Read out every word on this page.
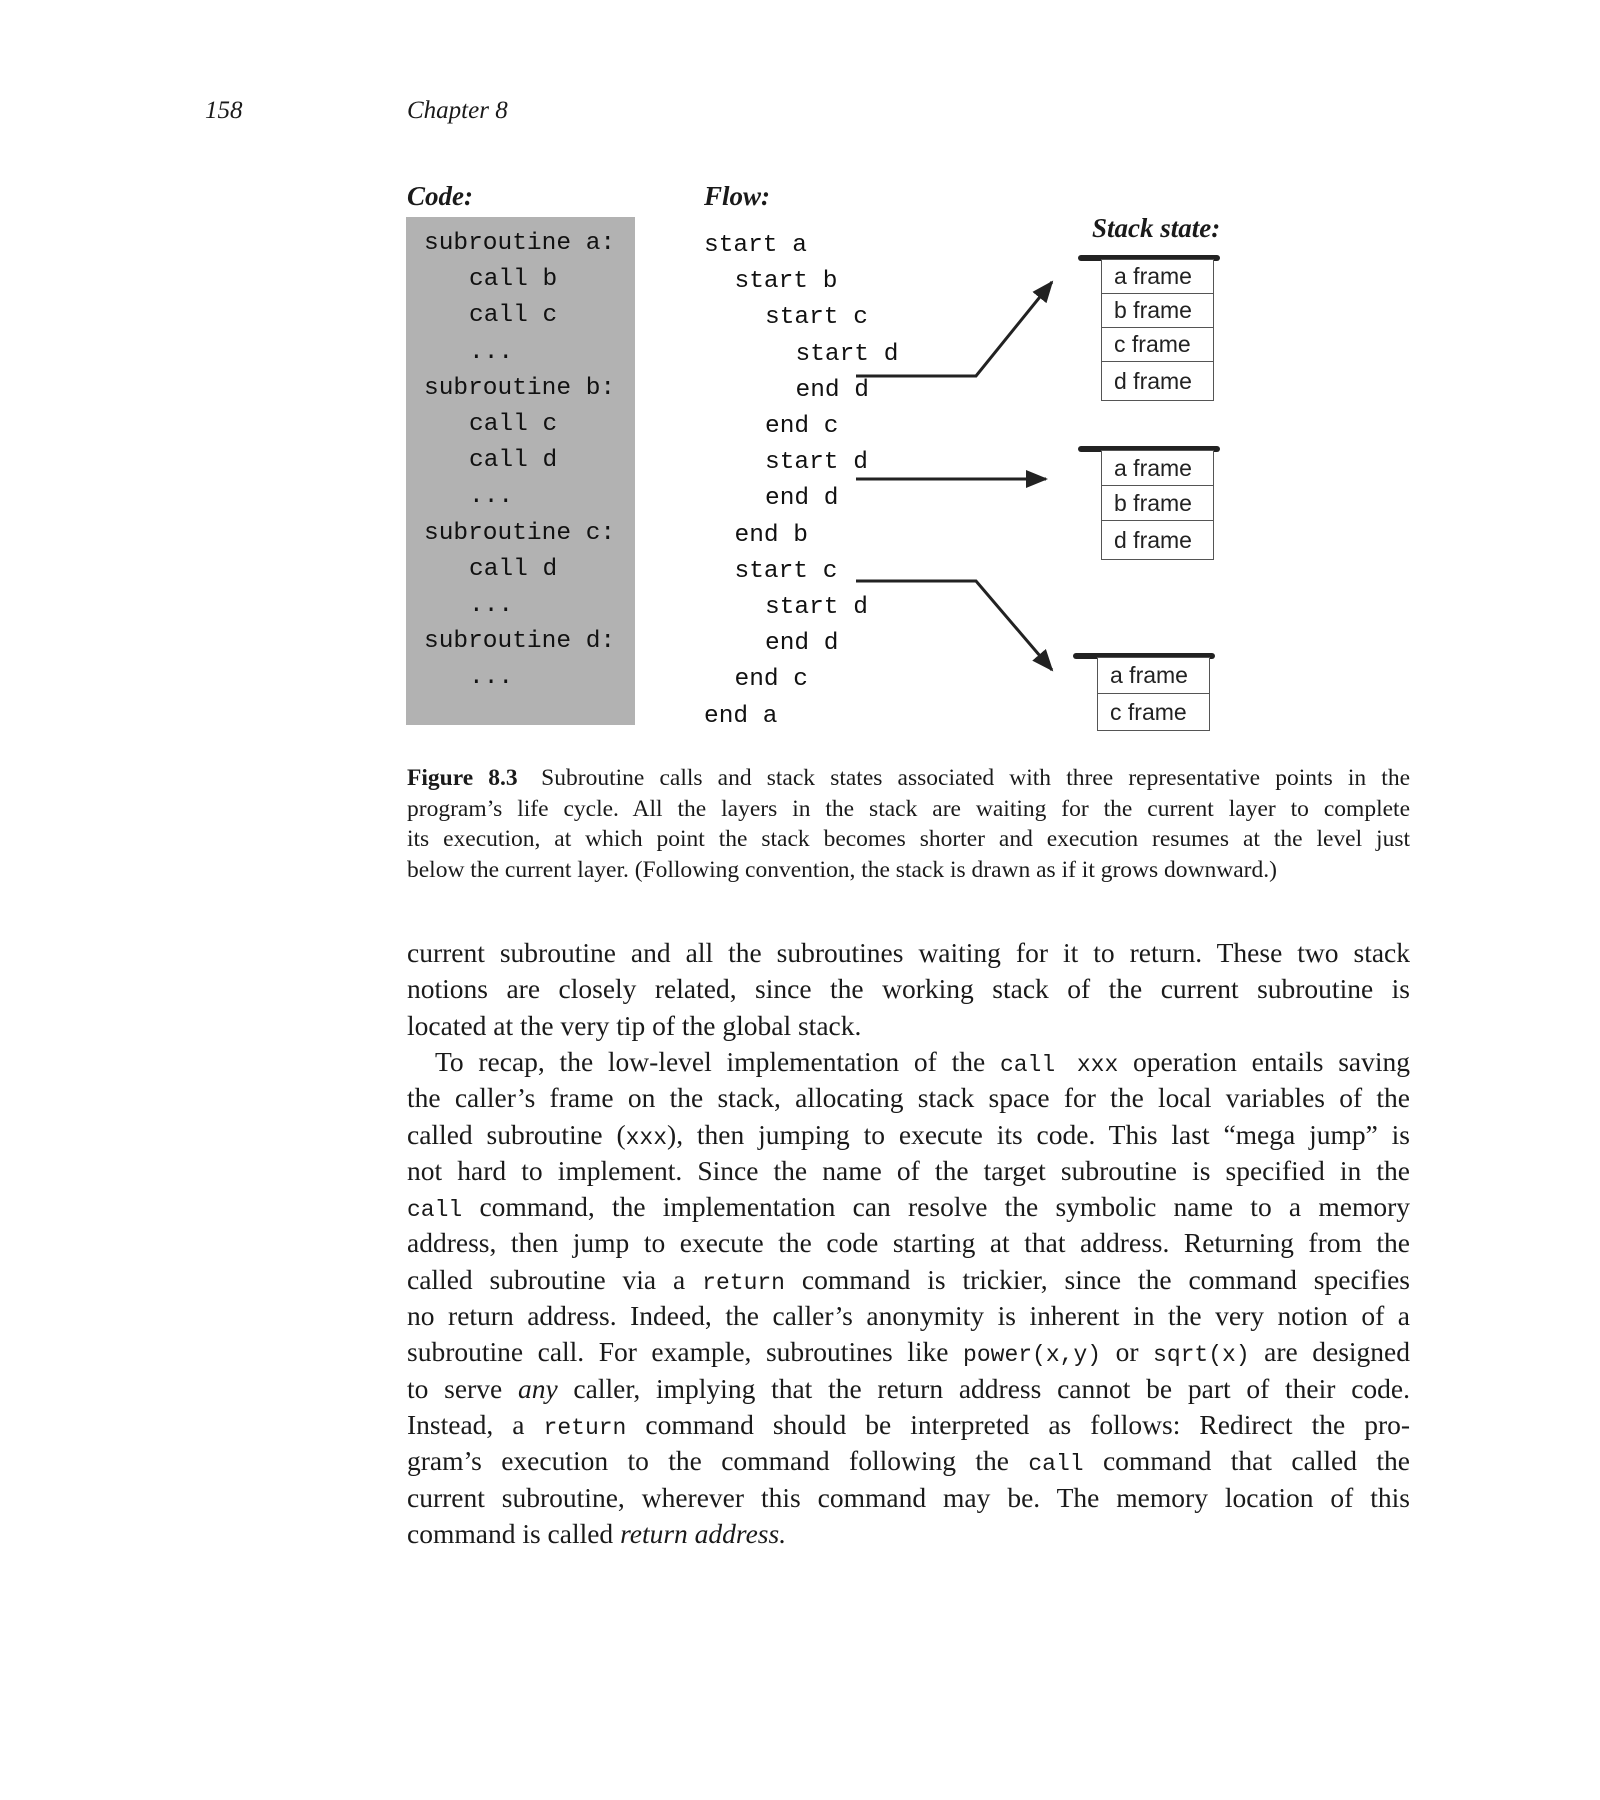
158	Chapter 8
Code:	Flow:
Stack state:
subroutine a:
call b
call c
...
subroutine b:
call c
call d
...
subroutine c:
call d
...
subroutine d:
...
start a
start b
start c
start d
end d
end c
start d
end d
end b
start c
start d
end d
end c
end a
a frame
b frame
c frame
d frame
a frame
b frame
d frame
a frame
c frame
Figure 8.3  Subroutine calls and stack states associated with three representative points in the
program’s life cycle. All the layers in the stack are waiting for the current layer to complete
its execution, at which point the stack becomes shorter and execution resumes at the level just
below the current layer. (Following convention, the stack is drawn as if it grows downward.)
current subroutine and all the subroutines waiting for it to return. These two stack
notions are closely related, since the working stack of the current subroutine is
located at the very tip of the global stack.
To recap, the low-level implementation of the call xxx operation entails saving
the caller’s frame on the stack, allocating stack space for the local variables of the
called subroutine (xxx), then jumping to execute its code. This last “mega jump” is
not hard to implement. Since the name of the target subroutine is specified in the
call command, the implementation can resolve the symbolic name to a memory
address, then jump to execute the code starting at that address. Returning from the
called subroutine via a return command is trickier, since the command specifies
no return address. Indeed, the caller’s anonymity is inherent in the very notion of a
subroutine call. For example, subroutines like power(x,y) or sqrt(x) are designed
to serve any caller, implying that the return address cannot be part of their code.
Instead, a return command should be interpreted as follows: Redirect the pro-
gram’s execution to the command following the call command that called the
current subroutine, wherever this command may be. The memory location of this
command is called return address.
